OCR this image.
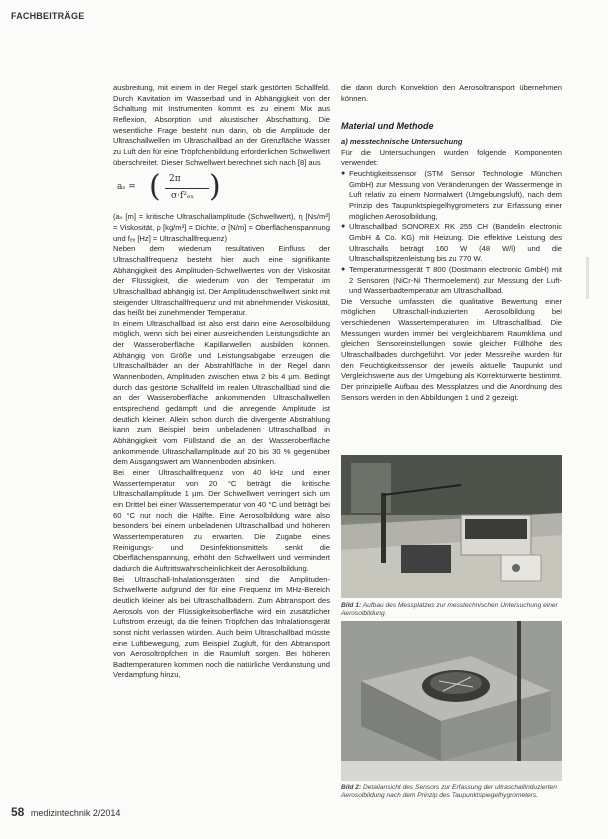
FACHBEITRÄGE

ausbreitung, mit einem in der Regel stark gestörten Schallfeld. Durch Kavitation im Wasserbad und in Abhängigkeit von der Schaltung mit Instrumenten kommt es zu einem Mix aus Reflexion, Absorption und akustischer Abschattung. Die wesentliche Frage besteht nun darin, ob die Amplitude der Ultraschallwellen im Ultraschallbad an der Grenzfläche Wasser zu Luft den für eine Tröpfchenbildung erforderlichen Schwellwert überschreitet. Dieser Schwellwert berechnet sich nach [8] aus

aₛ = ( 2π
σ·f²ₑₓ )

(aₛ [m] = kritische Ultraschallamplitude (Schwellwert), η [Ns/m²] = Viskosität, ρ [kg/m³] = Dichte, σ [N/m] = Oberflächenspannung und fₑₓ [Hz] = Ultraschallfrequenz)

Neben dem wiederum resultativen Einfluss der Ultraschallfrequenz besteht hier auch eine signifikante Abhängigkeit des Amplituden-Schwellwertes von der Viskosität der Flüssigkeit, die wiederum von der Temperatur im Ultraschallbad abhängig ist. Der Amplitudenschwellwert sinkt mit steigender Ultraschallfrequenz und mit abnehmender Viskosität, das heißt bei zunehmender Temperatur.

In einem Ultraschallbad ist also erst dann eine Aerosolbildung möglich, wenn sich bei einer ausreichenden Leistungsdichte an der Wasseroberfläche Kapillarwellen ausbilden können. Abhängig von Größe und Leistungsabgabe erzeugen die Ultraschallbäder an der Abstrahlfläche in der Regel dann Wannenboden, Amplituden zwischen etwa 2 bis 4 µm. Bedingt durch das gestörte Schallfeld im realen Ultraschallbad sind die an der Wasseroberfläche ankommenden Ultraschallwellen entsprechend gedämpft und die anregende Amplitude ist deutlich kleiner. Allein schon durch die divergente Abstrahlung kann zum Beispiel beim unbeladenen Ultraschallbad in Abhängigkeit vom Füllstand die an der Wasseroberfläche ankommende Ultraschallamplitude auf 20 bis 30 % gegenüber dem Ausgangswert am Wannenboden absinken.

Bei einer Ultraschallfrequenz von 40 kHz und einer Wassertemperatur von 20 °C beträgt die kritische Ultraschallamplitude 1 µm. Der Schwellwert verringert sich um ein Drittel bei einer Wassertemperatur von 40 °C und beträgt bei 60 °C nur noch die Hälfte. Eine Aerosolbildung wäre also besonders bei einem unbeladenen Ultraschallbad und höheren Wassertemperaturen zu erwarten. Die Zugabe eines Reinigungs- und Desinfektionsmittels senkt die Oberflächenspannung, erhöht den Schwellwert und vermindert dadurch die Auftrittswahrscheinlichkeit der Aerosolbildung.

Bei Ultraschall-Inhalationsgeräten sind die Amplituden-Schwellwerte aufgrund der für eine Frequenz im MHz-Bereich deutlich kleiner als bei Ultraschallbädern. Zum Abtransport des Aerosols von der Flüssigkeitsoberfläche wird ein zusätzlicher Luftstrom erzeugt, da die feinen Tröpfchen das Inhalationsgerät sonst nicht verlassen würden. Auch beim Ultraschallbad müsste eine Luftbewegung, zum Beispiel Zugluft, für den Abtransport von Aerosoltröpfchen in die Raumluft sorgen. Bei höheren Badtemperaturen kommen noch die natürliche Verdunstung und Verdampfung hinzu,

die dann durch Konvektion den Aerosoltransport übernehmen können.

Material und Methode

a) messtechnische Untersuchung

Für die Untersuchungen wurden folgende Komponenten verwendet:

● Feuchtigkeitssensor (STM Sensor Technologie München GmbH) zur Messung von Veränderungen der Wassermenge in Luft relativ zu einem Normalwert (Umgebungsluft), nach dem Prinzip des Taupunktspiegelhygrometers zur Erfassung einer möglichen Aerosolbildung,

● Ultraschallbad SONOREX RK 255 CH (Bandelin electronic GmbH & Co. KG) mit Heizung. Die effektive Leistung des Ultraschalls beträgt 160 W (48 W/l) und die Ultraschallspitzenleistung bis zu 770 W.

● Temperaturmessgerät T 800 (Dostmann electronic GmbH) mit 2 Sensoren (NiCr-Ni Thermoelement) zur Messung der Luft- und Wasserbadtemperatur am Ultraschallbad.

Die Versuche umfassten die qualitative Bewertung einer möglichen Ultraschall-induzierten Aerosolbildung bei verschiedenen Wassertemperaturen im Ultraschallbad. Die Messungen wurden immer bei vergleichbarem Raumklima und gleichen Sensoreinstellungen sowie gleicher Füllhöhe des Ultraschallbades durchgeführt. Vor jeder Messreihe wurden für den Feuchtigkeitssensor der jeweils aktuelle Taupunkt und Vergleichswerte aus der Umgebung als Korrekturwerte bestimmt. Der prinzipielle Aufbau des Messplatzes und die Anordnung des Sensors werden in den Abbildungen 1 und 2 gezeigt.

Bild 1: Aufbau des Messplatzes zur messtechnischen Untersuchung einer Aerosolbildung.
Bild 2: Detailansicht des Sensors zur Erfassung der ultraschallinduzierten Aerosolbildung nach dem Prinzip des Taupunktspiegelhygrometers.
58 medizintechnik 2/2014
